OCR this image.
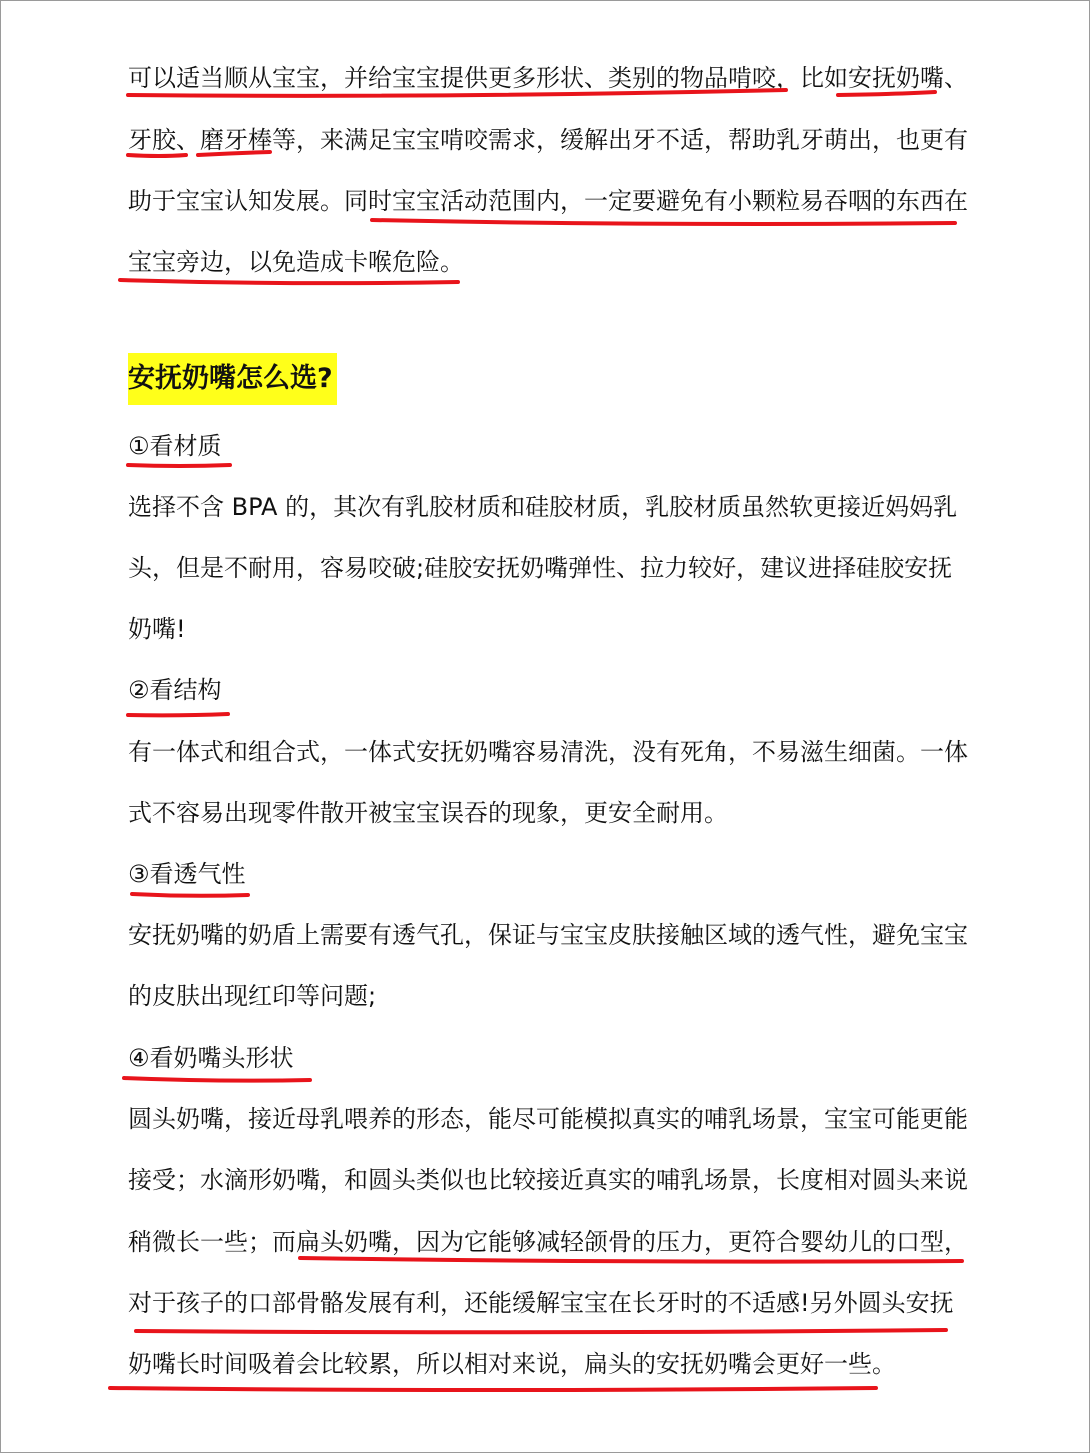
可以适当顺从宝宝，并给宝宝提供更多形状、类别的物品啃咬，比如安抚奶嘴、
牙胶、磨牙棒等，来满足宝宝啃咬需求，缓解出牙不适，帮助乳牙萌出，也更有
助于宝宝认知发展。同时宝宝活动范围内，一定要避免有小颗粒易吞咽的东西在
宝宝旁边，以免造成卡喉危险。
安抚奶嘴怎么选?
①看材质
选择不含 BPA 的，其次有乳胶材质和硅胶材质，乳胶材质虽然软更接近妈妈乳
头，但是不耐用，容易咬破;硅胶安抚奶嘴弹性、拉力较好，建议进择硅胶安抚
奶嘴!
②看结构
有一体式和组合式，一体式安抚奶嘴容易清洗，没有死角，不易滋生细菌。一体
式不容易出现零件散开被宝宝误吞的现象，更安全耐用。
③看透气性
安抚奶嘴的奶盾上需要有透气孔，保证与宝宝皮肤接触区域的透气性，避免宝宝
的皮肤出现红印等问题;
④看奶嘴头形状
圆头奶嘴，接近母乳喂养的形态，能尽可能模拟真实的哺乳场景，宝宝可能更能
接受；水滴形奶嘴，和圆头类似也比较接近真实的哺乳场景，长度相对圆头来说
稍微长一些；而扁头奶嘴，因为它能够减轻颌骨的压力，更符合婴幼儿的口型，
对于孩子的口部骨骼发展有利，还能缓解宝宝在长牙时的不适感!另外圆头安抚
奶嘴长时间吸着会比较累，所以相对来说，扁头的安抚奶嘴会更好一些。
